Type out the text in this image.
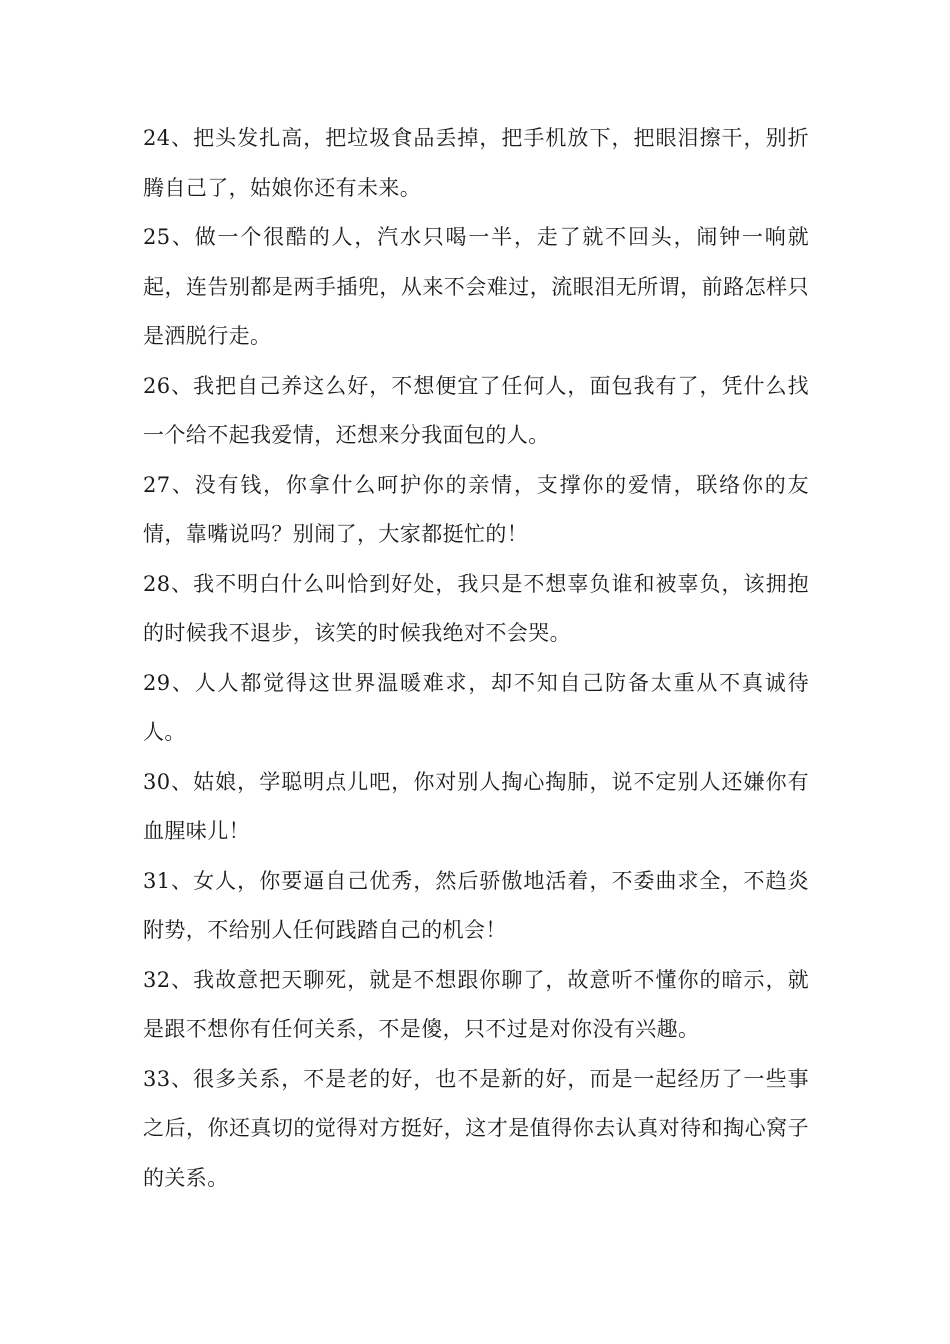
24、把头发扎高，把垃圾食品丢掉，把手机放下，把眼泪擦干，别折腾自己了，姑娘你还有未来。

25、做一个很酷的人，汽水只喝一半，走了就不回头，闹钟一响就起，连告别都是两手插兜，从来不会难过，流眼泪无所谓，前路怎样只是洒脱行走。

26、我把自己养这么好，不想便宜了任何人，面包我有了，凭什么找一个给不起我爱情，还想来分我面包的人。

27、没有钱，你拿什么呵护你的亲情，支撑你的爱情，联络你的友情，靠嘴说吗？别闹了，大家都挺忙的！

28、我不明白什么叫恰到好处，我只是不想辜负谁和被辜负，该拥抱的时候我不退步，该笑的时候我绝对不会哭。

29、人人都觉得这世界温暖难求，却不知自己防备太重从不真诚待人。

30、姑娘，学聪明点儿吧，你对别人掏心掏肺，说不定别人还嫌你有血腥味儿！

31、女人，你要逼自己优秀，然后骄傲地活着，不委曲求全，不趋炎附势，不给别人任何践踏自己的机会！

32、我故意把天聊死，就是不想跟你聊了，故意听不懂你的暗示，就是跟不想你有任何关系，不是傻，只不过是对你没有兴趣。

33、很多关系，不是老的好，也不是新的好，而是一起经历了一些事之后，你还真切的觉得对方挺好，这才是值得你去认真对待和掏心窝子的关系。
